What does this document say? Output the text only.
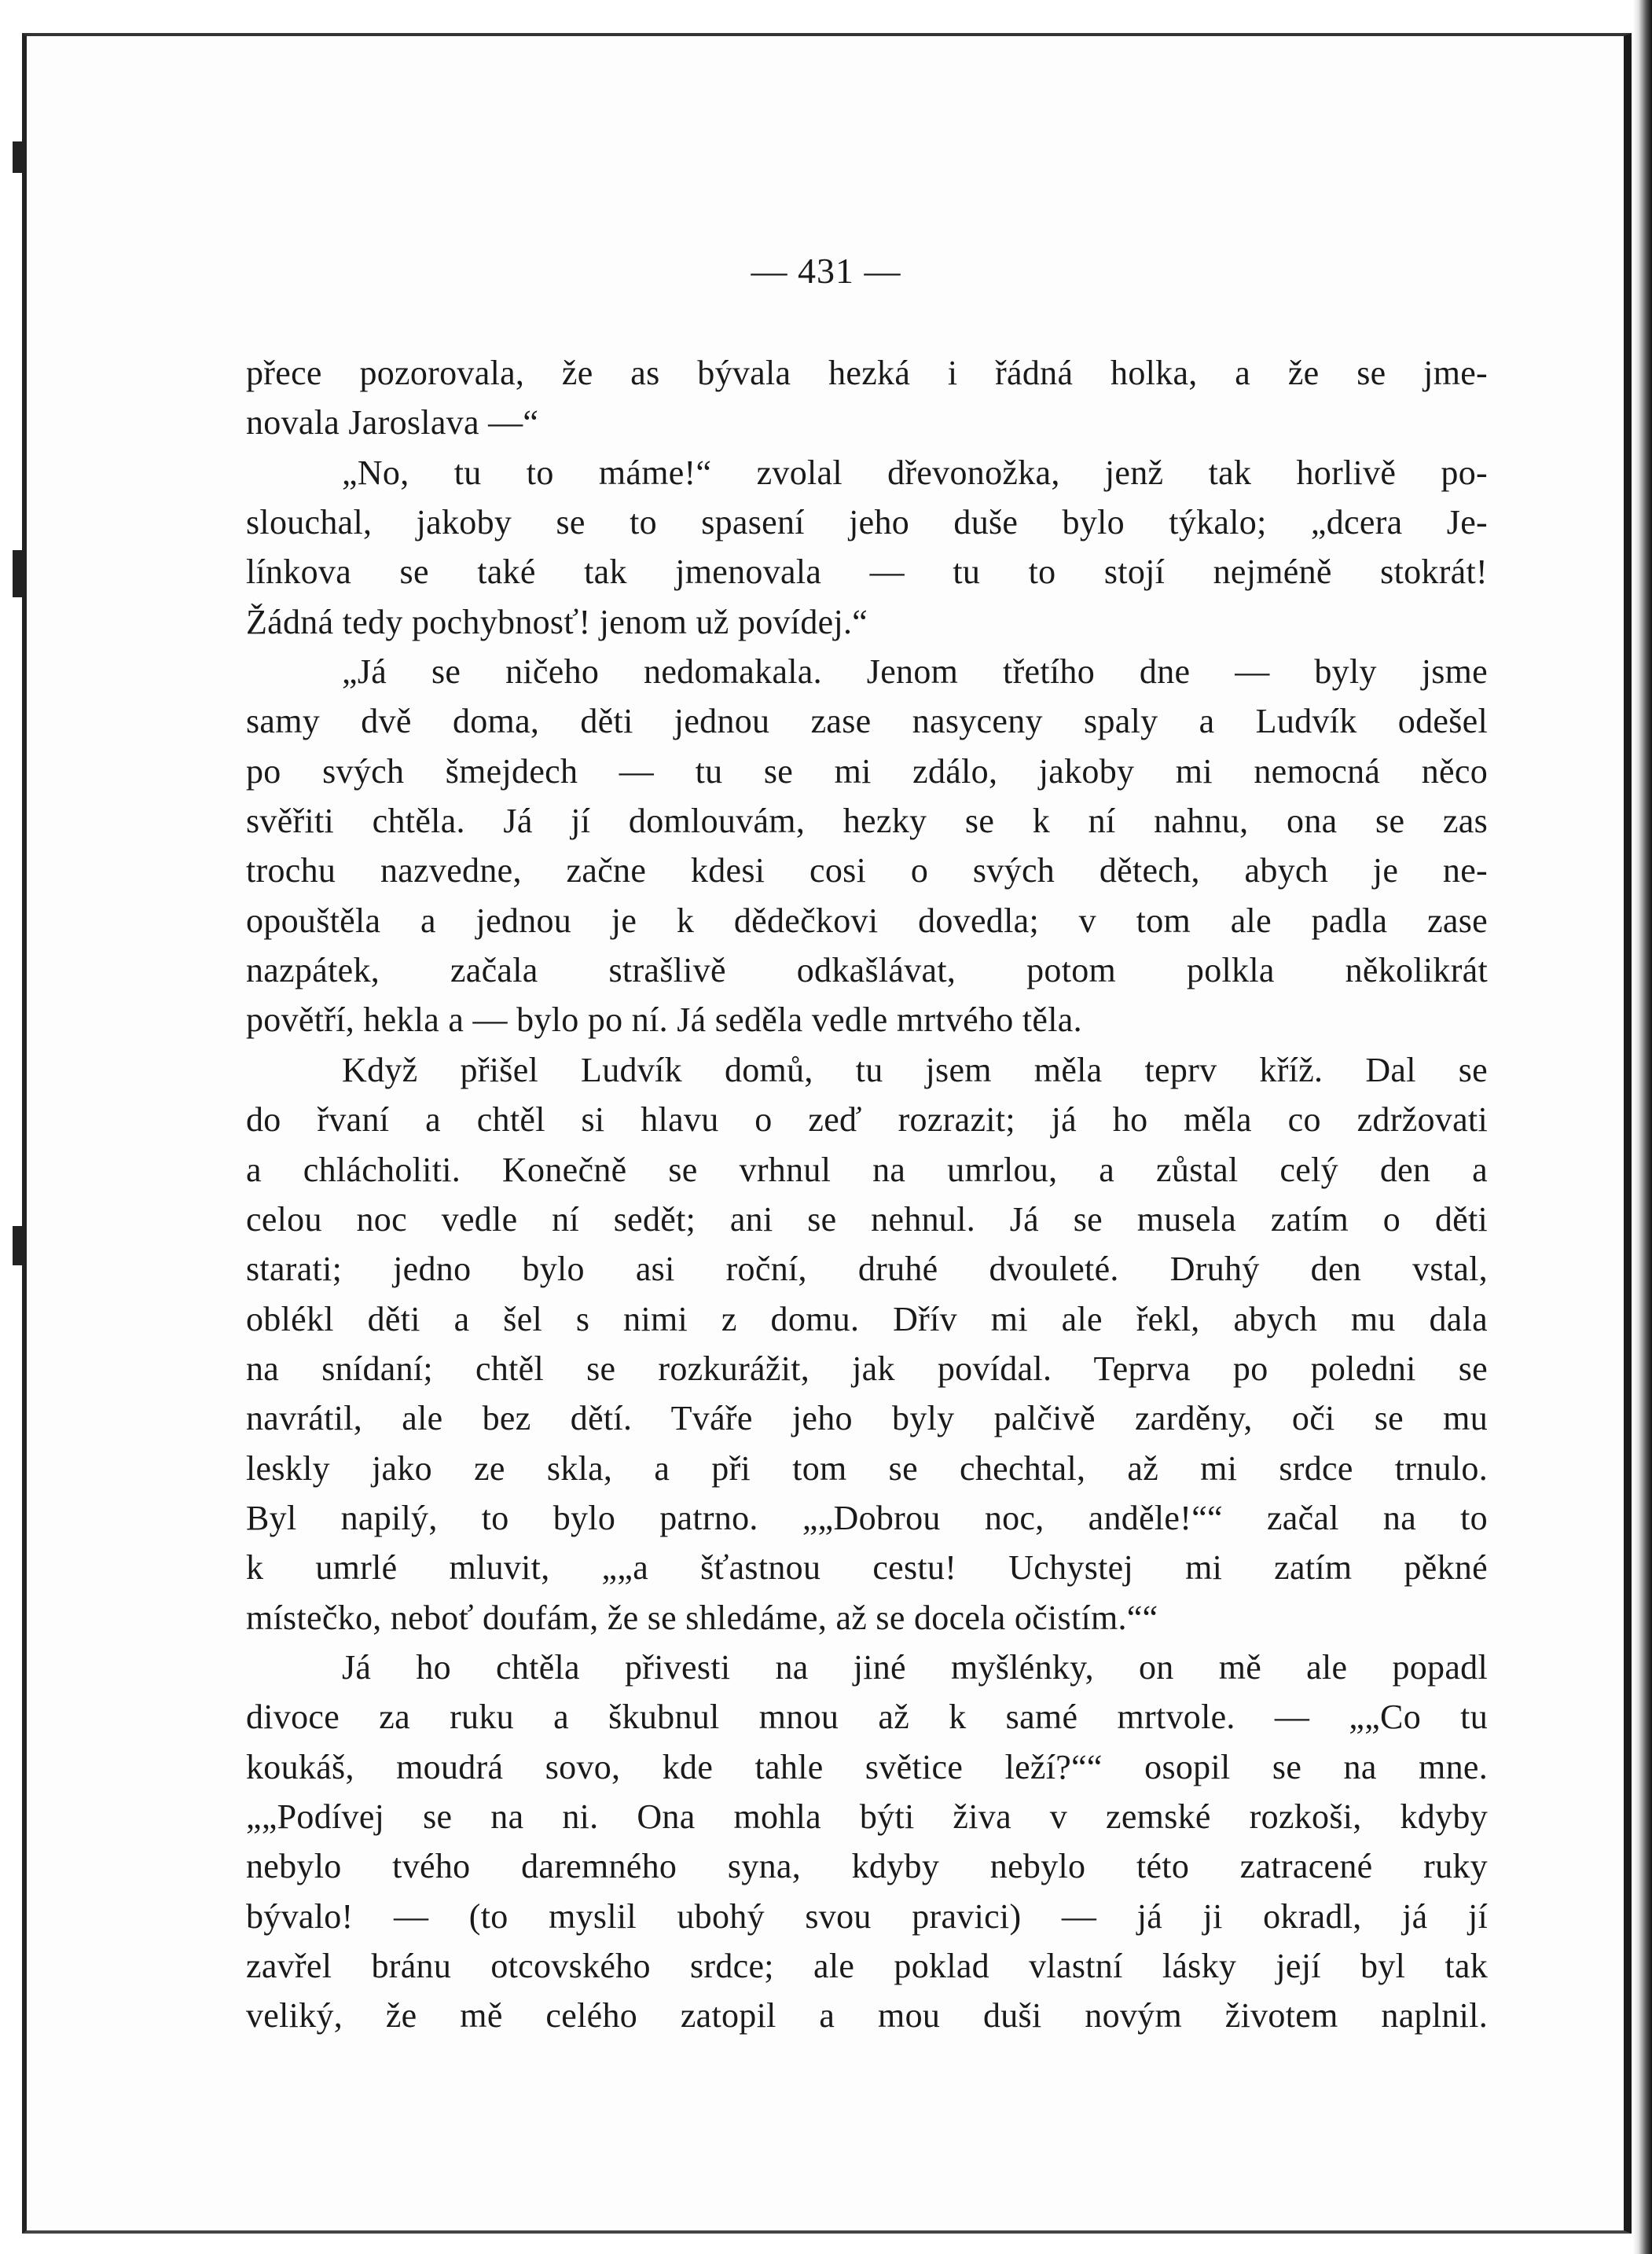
— 431 —
přece pozorovala, že as bývala hezká i řádná holka, a že se jme-
novala Jaroslava —“
„No, tu to máme!“ zvolal dřevonožka, jenž tak horlivě po-
slouchal, jakoby se to spasení jeho duše bylo týkalo; „dcera Je-
línkova se také tak jmenovala — tu to stojí nejméně stokrát!
Žádná tedy pochybnosť! jenom už povídej.“
„Já se ničeho nedomakala. Jenom třetího dne — byly jsme
samy dvě doma, děti jednou zase nasyceny spaly a Ludvík odešel
po svých šmejdech — tu se mi zdálo, jakoby mi nemocná něco
svěřiti chtěla. Já jí domlouvám, hezky se k ní nahnu, ona se zas
trochu nazvedne, začne kdesi cosi o svých dětech, abych je ne-
opouštěla a jednou je k dědečkovi dovedla; v tom ale padla zase
nazpátek, začala strašlivě odkašlávat, potom polkla několikrát
povětří, hekla a — bylo po ní. Já seděla vedle mrtvého těla.
Když přišel Ludvík domů, tu jsem měla teprv kříž. Dal se
do řvaní a chtěl si hlavu o zeď rozrazit; já ho měla co zdržovati
a chlácholiti. Konečně se vrhnul na umrlou, a zůstal celý den a
celou noc vedle ní sedět; ani se nehnul. Já se musela zatím o děti
starati; jedno bylo asi roční, druhé dvouleté. Druhý den vstal,
oblékl děti a šel s nimi z domu. Dřív mi ale řekl, abych mu dala
na snídaní; chtěl se rozkurážit, jak povídal. Teprva po poledni se
navrátil, ale bez dětí. Tváře jeho byly palčivě zarděny, oči se mu
leskly jako ze skla, a při tom se chechtal, až mi srdce trnulo.
Byl napilý, to bylo patrno. „„Dobrou noc, anděle!““ začal na to
k umrlé mluvit, „„a šťastnou cestu! Uchystej mi zatím pěkné
místečko, neboť doufám, že se shledáme, až se docela očistím.““
Já ho chtěla přivesti na jiné myšlénky, on mě ale popadl
divoce za ruku a škubnul mnou až k samé mrtvole. — „„Co tu
koukáš, moudrá sovo, kde tahle světice leží?““ osopil se na mne.
„„Podívej se na ni. Ona mohla býti živa v zemské rozkoši, kdyby
nebylo tvého daremného syna, kdyby nebylo této zatracené ruky
bývalo! — (to myslil ubohý svou pravici) — já ji okradl, já jí
zavřel bránu otcovského srdce; ale poklad vlastní lásky její byl tak
veliký, že mě celého zatopil a mou duši novým životem naplnil.
